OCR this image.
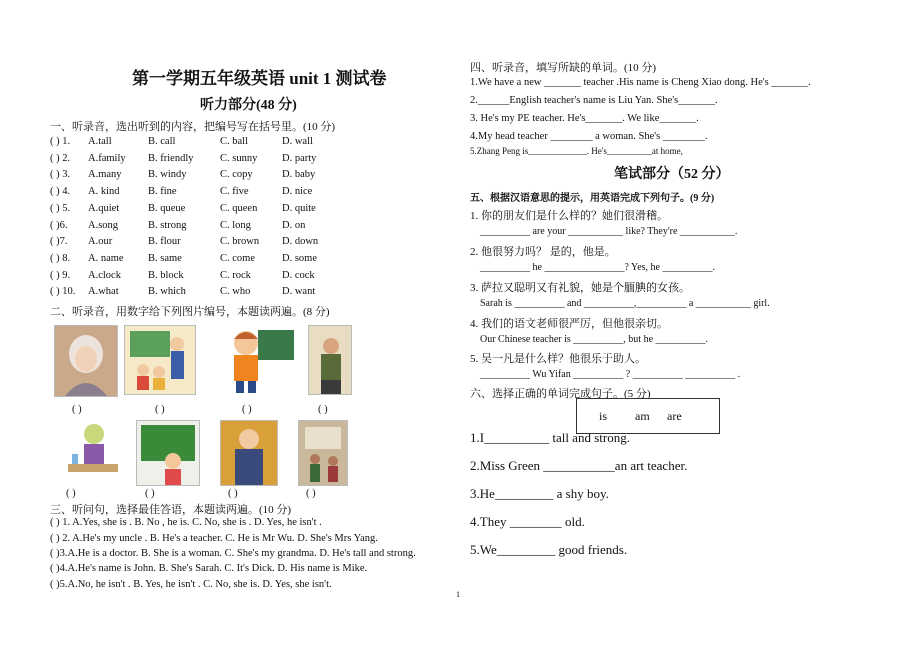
第一学期五年级英语 unit 1 测试卷
听力部分(48 分)
一、听录音，选出听到的内容，把编号写在括号里。(10 分)
( ) 1. A.tall	B. call	C. ball	D. wall
( ) 2. A.family B. friendly	C. sunny D. party
( ) 3. A.many	B. windy	C. copy	D. baby
( ) 4. A. kind	B. fine	C. five	D. nice
( ) 5. A.quiet	B. queue	C. queen D. quite
( )6. A.song	B. strong	C. long	D. on
( )7. A.our	B. flour	C. brown D. down
( ) 8. A. name B. same	C. come	D. some
( ) 9. A.clock	B. block	C. rock	D. cock
( ) 10. A.what	B. which	C. who	D. want
二、听录音，用数字给下列图片编号，本题读两遍。(8 分)
( )	( )	( )	( )
( )	( )	( )	( )
三、听问句，选择最佳答语，本题读两遍。(10 分)
( ) 1. A.Yes, she is . B. No , he is. C. No, she is . D. Yes, he isn't .
( ) 2. A.He's my uncle . B. He's a teacher. C. He is Mr Wu. D. She's Mrs Yang.
( )3.A.He is a doctor. B. She is a woman. C. She's my grandma. D. He's tall and strong.
( )4.A.He's name is John. B. She's Sarah. C. It's Dick. D. His name is Mike.
( )5.A.No, he isn't . B. Yes, he isn't . C. No, she is. D. Yes, she isn't.
四、听录音，填写所缺的单词。(10 分)
1.We have a new _______ teacher .His name is Cheng Xiao dong. He's _______.
2.______English teacher's name is Liu Yan. She's_______.
3. He's my PE teacher. He's_______. We like_______.
4.My head teacher ________ a woman. She's ________.
5.Zhang Peng is_____________. He's__________at home,
笔试部分（52 分）
五、根据汉语意思的提示，用英语完成下列句子。(9 分)
1. 你的朋友们是什么样的？她们很滑稽。
__________ are your ___________ like? They're ___________.
2. 他很努力吗？ 是的，他是。
__________ he ________________? Yes, he __________.
3. 萨拉又聪明又有礼貌，她是个腼腆的女孩。
Sarah is __________ and __________,__________ a ___________ girl.
4. 我们的语文老师很严厉，但他很亲切。
Our Chinese teacher is __________, but he __________.
5. 吴一凡是什么样？他很乐于助人。
__________ Wu Yifan __________ ? __________ __________ .
六、选择正确的单词完成句子。(5 分)
is am are
1.I__________ tall and strong.
2.Miss Green ___________an art teacher.
3.He_________ a shy boy.
4.They ________ old.
5.We_________ good friends.
1
